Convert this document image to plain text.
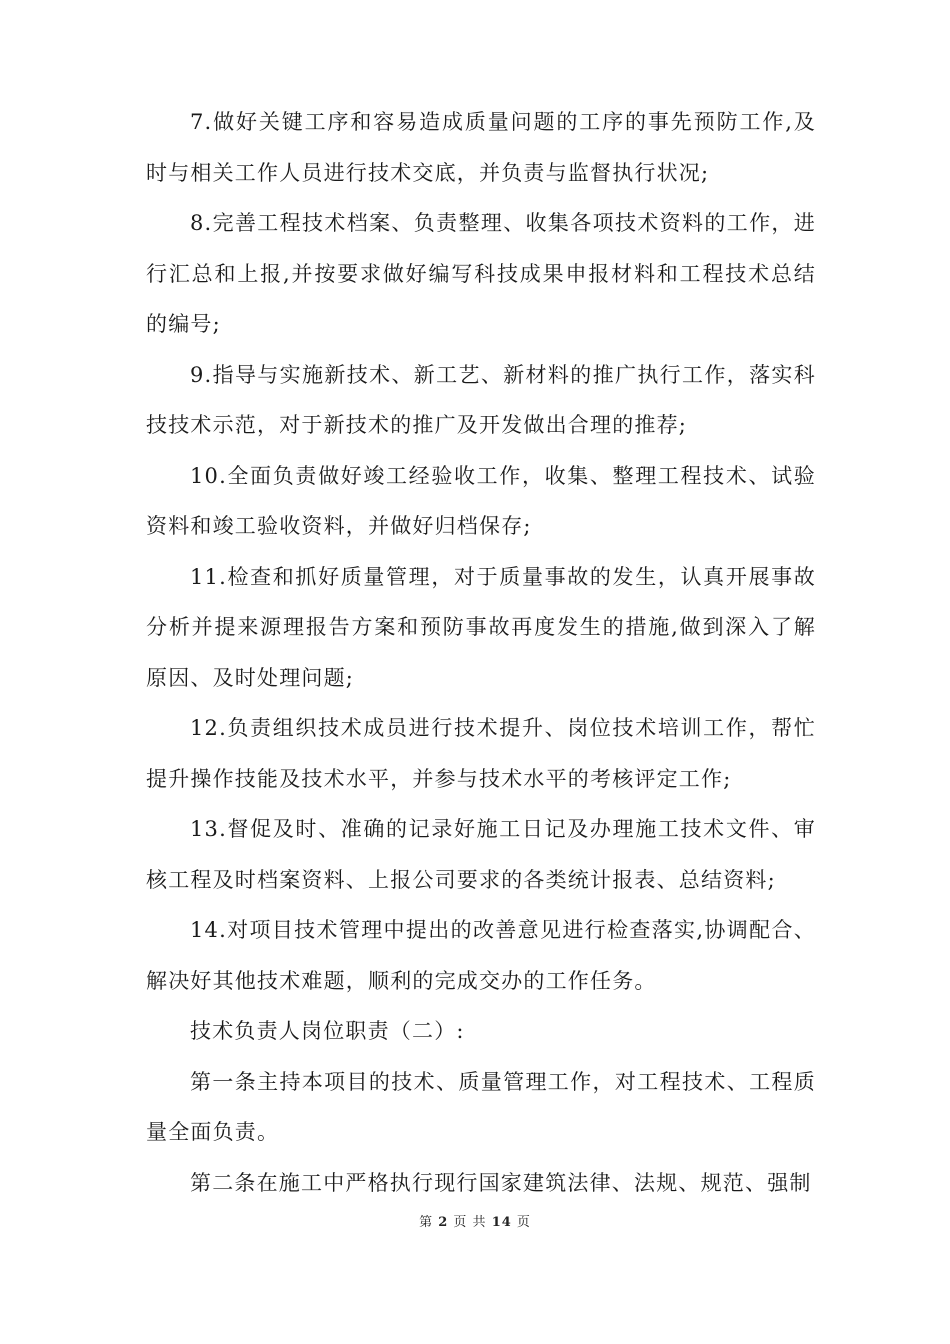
7.做好关键工序和容易造成质量问题的工序的事先预防工作,及时与相关工作人员进行技术交底，并负责与监督执行状况;

8.完善工程技术档案、负责整理、收集各项技术资料的工作，进行汇总和上报,并按要求做好编写科技成果申报材料和工程技术总结的编号;

9.指导与实施新技术、新工艺、新材料的推广执行工作，落实科技技术示范，对于新技术的推广及开发做出合理的推荐;

10.全面负责做好竣工经验收工作，收集、整理工程技术、试验资料和竣工验收资料，并做好归档保存;

11.检查和抓好质量管理，对于质量事故的发生，认真开展事故分析并提来源理报告方案和预防事故再度发生的措施,做到深入了解原因、及时处理问题;

12.负责组织技术成员进行技术提升、岗位技术培训工作，帮忙提升操作技能及技术水平，并参与技术水平的考核评定工作;

13.督促及时、准确的记录好施工日记及办理施工技术文件、审核工程及时档案资料、上报公司要求的各类统计报表、总结资料;

14.对项目技术管理中提出的改善意见进行检查落实,协调配合、解决好其他技术难题，顺利的完成交办的工作任务。

技术负责人岗位职责（二）:

第一条主持本项目的技术、质量管理工作，对工程技术、工程质量全面负责。

第二条在施工中严格执行现行国家建筑法律、法规、规范、强制

第 2 页 共 14 页
